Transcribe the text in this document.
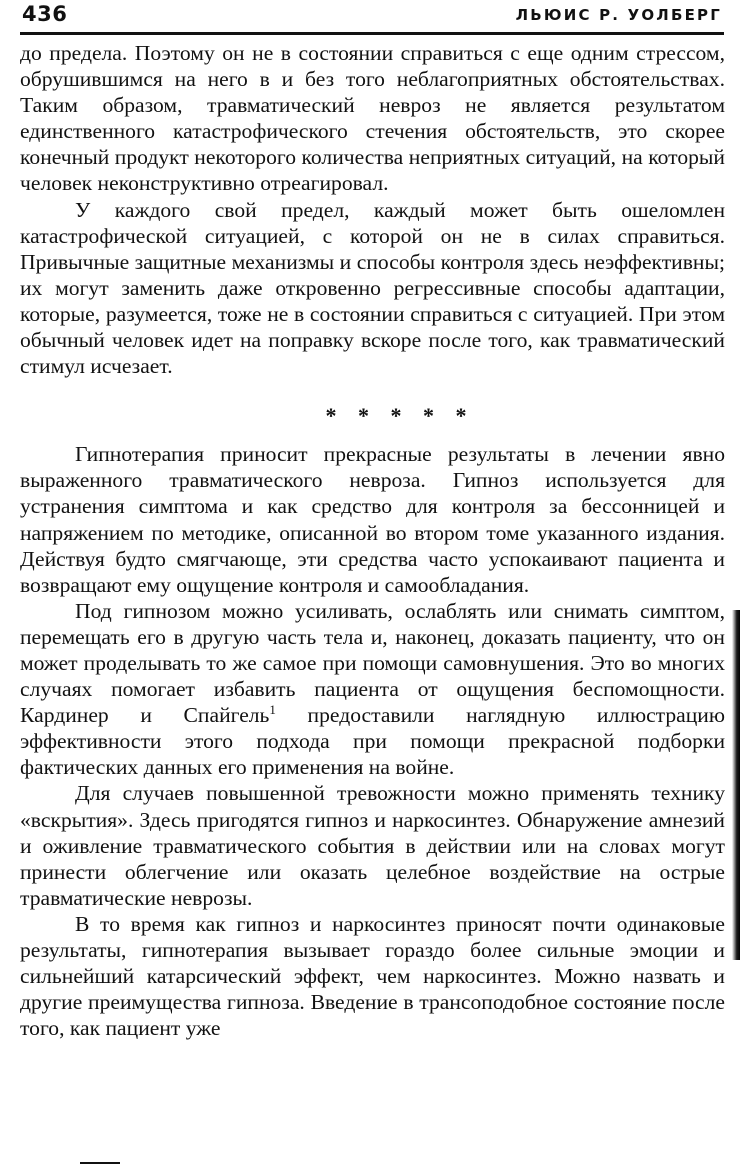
436	ЛЬЮИС Р. УОЛБЕРГ

до предела. Поэтому он не в состоянии справиться с еще одним стрессом, обрушившимся на него в и без того неблагоприятных обстоятельствах. Таким образом, травматический невроз не является результатом единственного катастрофического стечения обстоятельств, это скорее конечный продукт некоторого количества неприятных ситуаций, на который человек неконструктивно отреагировал.

У каждого свой предел, каждый может быть ошеломлен катастрофической ситуацией, с которой он не в силах справиться. Привычные защитные механизмы и способы контроля здесь неэффективны; их могут заменить даже откровенно регрессивные способы адаптации, которые, разумеется, тоже не в состоянии справиться с ситуацией. При этом обычный человек идет на поправку вскоре после того, как травматический стимул исчезает.

* * * * *

Гипнотерапия приносит прекрасные результаты в лечении явно выраженного травматического невроза. Гипноз используется для устранения симптома и как средство для контроля за бессонницей и напряжением по методике, описанной во втором томе указанного издания. Действуя будто смягчающе, эти средства часто успокаивают пациента и возвращают ему ощущение контроля и самообладания.

Под гипнозом можно усиливать, ослаблять или снимать симптом, перемещать его в другую часть тела и, наконец, доказать пациенту, что он может проделывать то же самое при помощи самовнушения. Это во многих случаях помогает избавить пациента от ощущения беспомощности. Кардинер и Спайгель$^1$ предоставили наглядную иллюстрацию эффективности этого подхода при помощи прекрасной подборки фактических данных его применения на войне.

Для случаев повышенной тревожности можно применять технику «вскрытия». Здесь пригодятся гипноз и наркосинтез. Обнаружение амнезий и оживление травматического события в действии или на словах могут принести облегчение или оказать целебное воздействие на острые травматические неврозы.

В то время как гипноз и наркосинтез приносят почти одинаковые результаты, гипнотерапия вызывает гораздо более сильные эмоции и сильнейший катарсический эффект, чем наркосинтез. Можно назвать и другие преимущества гипноза. Введение в трансоподобное состояние после того, как пациент уже
